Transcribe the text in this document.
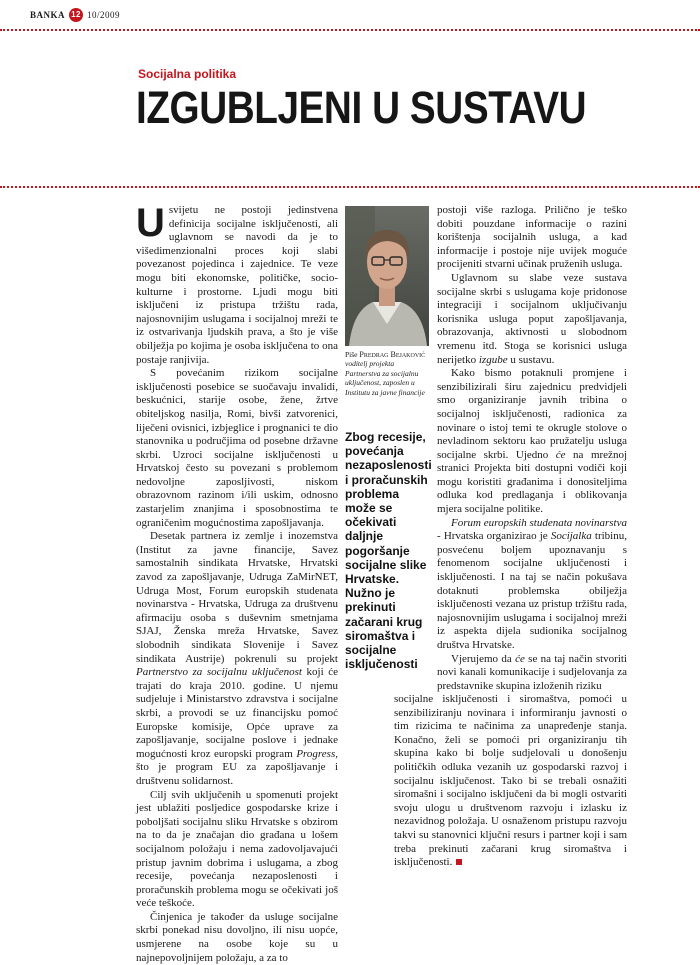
BANKA 12 10/2009
Socijalna politika
IZGUBLJENI U SUSTAVU

Usvijetu ne postoji jedinstvena definicija socijalne isključenosti, ali uglavnom se navodi da je to višedimenzionalni proces koji slabi povezanost pojedinca i zajednice. Te veze mogu biti ekonomske, političke, socio-kulturne i prostorne. Ljudi mogu biti isključeni iz pristupa tržištu rada, najosnovnijim uslugama i socijalnoj mreži te iz ostvarivanja ljudskih prava, a što je više obilježja po kojima je osoba isključena to ona postaje ranjivija.

S povećanim rizikom socijalne isključenosti posebice se suočavaju invalidi, beskućnici, starije osobe, žene, žrtve obiteljskog nasilja, Romi, bivši zatvorenici, liječeni ovisnici, izbjeglice i prognanici te dio stanovnika u područjima od posebne državne skrbi. Uzroci socijalne isključenosti u Hrvatskoj često su povezani s problemom nedovoljne zaposljivosti, niskom obrazovnom razinom i/ili uskim, odnosno zastarjelim znanjima i sposobnostima te ograničenim mogućnostima zapošljavanja.

Desetak partnera iz zemlje i inozemstva (Institut za javne financije, Savez samostalnih sindikata Hrvatske, Hrvatski zavod za zapošljavanje, Udruga ZaMirNET, Udruga Most, Forum europskih studenata novinarstva - Hrvatska, Udruga za društvenu afirmaciju osoba s duševnim smetnjama SJAJ, Ženska mreža Hrvatske, Savez slobodnih sindikata Slovenije i Savez sindikata Austrije) pokrenuli su projekt Partnerstvo za socijalnu uključenost koji će trajati do kraja 2010. godine. U njemu sudjeluje i Ministarstvo zdravstva i socijalne skrbi, a provodi se uz financijsku pomoć Europske komisije, Opće uprave za zapošljavanje, socijalne poslove i jednake mogućnosti kroz europski program Progress, što je program EU za zapošljavanje i društvenu solidarnost.

Cilj svih uključenih u spomenuti projekt jest ublažiti posljedice gospodarske krize i poboljšati socijalnu sliku Hrvatske s obzirom na to da je značajan dio građana u lošem socijalnom položaju i nema zadovoljavajući pristup javnim dobrima i uslugama, a zbog recesije, povećanja nezaposlenosti i proračunskih problema mogu se očekivati još veće teškoće.

Činjenica je također da usluge socijalne skrbi ponekad nisu dovoljno, ili nisu uopće, usmjerene na osobe koje su u najnepovoljnijem položaju, a za to

Piše Predrag Bejaković
voditelj projekta Partnerstva za socijalnu uključenost, zaposlen u Institutu za javne financije
Zbog recesije, povećanja nezaposlenosti i proračunskih problema može se očekivati daljnje pogoršanje socijalne slike Hrvatske. Nužno je prekinuti začarani krug siromaštva i socijalne isključenosti

postoji više razloga. Prilično je teško dobiti pouzdane informacije o razini korištenja socijalnih usluga, a kad informacije i postoje nije uvijek moguće procijeniti stvarni učinak pruženih usluga.

Uglavnom su slabe veze sustava socijalne skrbi s uslugama koje pridonose integraciji i socijalnom uključivanju korisnika usluga poput zapošljavanja, obrazovanja, aktivnosti u slobodnom vremenu itd. Stoga se korisnici usluga nerijetko izgube u sustavu.

Kako bismo potaknuli promjene i senzibilizirali širu zajednicu predvidjeli smo organiziranje javnih tribina o socijalnoj isključenosti, radionica za novinare o istoj temi te okrugle stolove o nevladinom sektoru kao pružatelju usluga socijalne skrbi. Ujedno će na mrežnoj stranici Projekta biti dostupni vodiči koji mogu koristiti građanima i donositeljima odluka kod predlaganja i oblikovanja mjera socijalne politike.

Forum europskih studenata novinarstva - Hrvatska organizirao je Socijalka tribinu, posvećenu boljem upoznavanju s fenomenom socijalne uključenosti i isključenosti. I na taj se način pokušava dotaknuti problemska obilježja isključenosti vezana uz pristup tržištu rada, najosnovnijim uslugama i socijalnoj mreži iz aspekta dijela sudionika socijalnog društva Hrvatske.

Vjerujemo da će se na taj način stvoriti novi kanali komunikacije i sudjelovanja za predstavnike skupina izloženih riziku

socijalne isključenosti i siromaštva, pomoći u senzibiliziranju novinara i informiranju javnosti o tim rizicima te načinima za unapređenje stanja. Konačno, želi se pomoći pri organiziranju tih skupina kako bi bolje sudjelovali u donošenju političkih odluka vezanih uz gospodarski razvoj i socijalnu isključenost. Tako bi se trebali osnažiti siromašni i socijalno isključeni da bi mogli ostvariti svoju ulogu u društvenom razvoju i izlasku iz nezavidnog položaja. U osnaženom pristupu razvoju takvi su stanovnici ključni resurs i partner koji i sam treba prekinuti začarani krug siromaštva i isključenosti.
